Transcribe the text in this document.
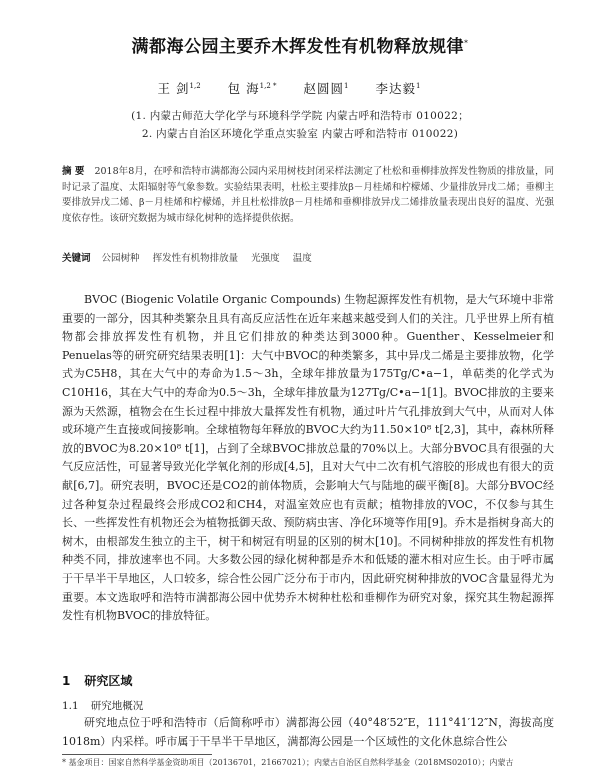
满都海公园主要乔木挥发性有机物释放规律*
王 剑$^{1,2}$ 包 海$^{1,2 *}$ 赵圆圆$^1$ 李达毅$^1$
(1. 内蒙古师范大学化学与环境科学学院 内蒙古呼和浩特市 010022；
2. 内蒙古自治区环境化学重点实验室 内蒙古呼和浩特市 010022)
摘 要 2018年8月，在呼和浩特市满都海公园内采用树枝封闭采样法测定了杜松和垂柳排放挥发性物质的排放量，同时记录了温度、太阳辐射等气象参数。实验结果表明，杜松主要排放β－月桂烯和柠檬烯、少量排放异戊二烯；垂柳主要排放异戊二烯、β－月桂烯和柠檬烯，并且杜松排放β－月桂烯和垂柳排放异戊二烯排放量表现出良好的温度、光强度依存性。该研究数据为城市绿化树种的选择提供依据。
关键词 公园树种 挥发性有机物排放量 光强度 温度

BVOC (Biogenic Volatile Organic Compounds) 生物起源挥发性有机物，是大气环境中非常重要的一部分，因其种类繁杂且具有高反应活性在近年来越来越受到人们的关注。几乎世界上所有植物都会排放挥发性有机物，并且它们排放的种类达到3000种。Guenther、Kesselmeier和Penuelas等的研究研究结果表明[1]：大气中BVOC的种类繁多，其中异戊二烯是主要排放物，化学式为C5H8，其在大气中的寿命为1.5～3h，全球年排放量为175Tg/C•a−1，单萜类的化学式为C10H16，其在大气中的寿命为0.5～3h，全球年排放量为127Tg/C•a−1[1]。BVOC排放的主要来源为天然源，植物会在生长过程中排放大量挥发性有机物，通过叶片气孔排放到大气中，从而对人体或环境产生直接或间接影响。全球植物每年释放的BVOC大约为11.50×10⁸ t[2,3]，其中，森林所释放的BVOC为8.20×10⁸ t[1]，占到了全球BVOC排放总量的70%以上。大部分BVOC具有很强的大气反应活性，可显著导致光化学氧化剂的形成[4,5]，且对大气中二次有机气溶胶的形成也有很大的贡献[6,7]。研究表明，BVOC还是CO2的前体物质，会影响大气与陆地的碳平衡[8]。大部分BVOC经过各种复杂过程最终会形成CO2和CH4，对温室效应也有贡献；植物排放的VOC，不仅参与其生长、一些挥发性有机物还会为植物抵御天敌、预防病虫害、净化环境等作用[9]。乔木是指树身高大的树木，由根部发生独立的主干，树干和树冠有明显的区别的树木[10]。不同树种排放的挥发性有机物种类不同，排放速率也不同。大多数公园的绿化树种都是乔木和低矮的灌木相对应生长。由于呼市属于干旱半干旱地区，人口较多，综合性公园广泛分布于市内，因此研究树种排放的VOC含量显得尤为重要。本文选取呼和浩特市满都海公园中优势乔木树种杜松和垂柳作为研究对象，探究其生物起源挥发性有机物BVOC的排放特征。

1 研究区域
1.1 研究地概况

研究地点位于呼和浩特市（后简称呼市）满都海公园（40°48′52″E，111°41′12″N，海拔高度1018m）内采样。呼市属于干旱半干旱地区，满都海公园是一个区域性的文化休息综合性公

* 基金项目：国家自然科学基金资助项目（20136701，21667021）；内蒙古自治区自然科学基金（2018MS02010）；内蒙古
